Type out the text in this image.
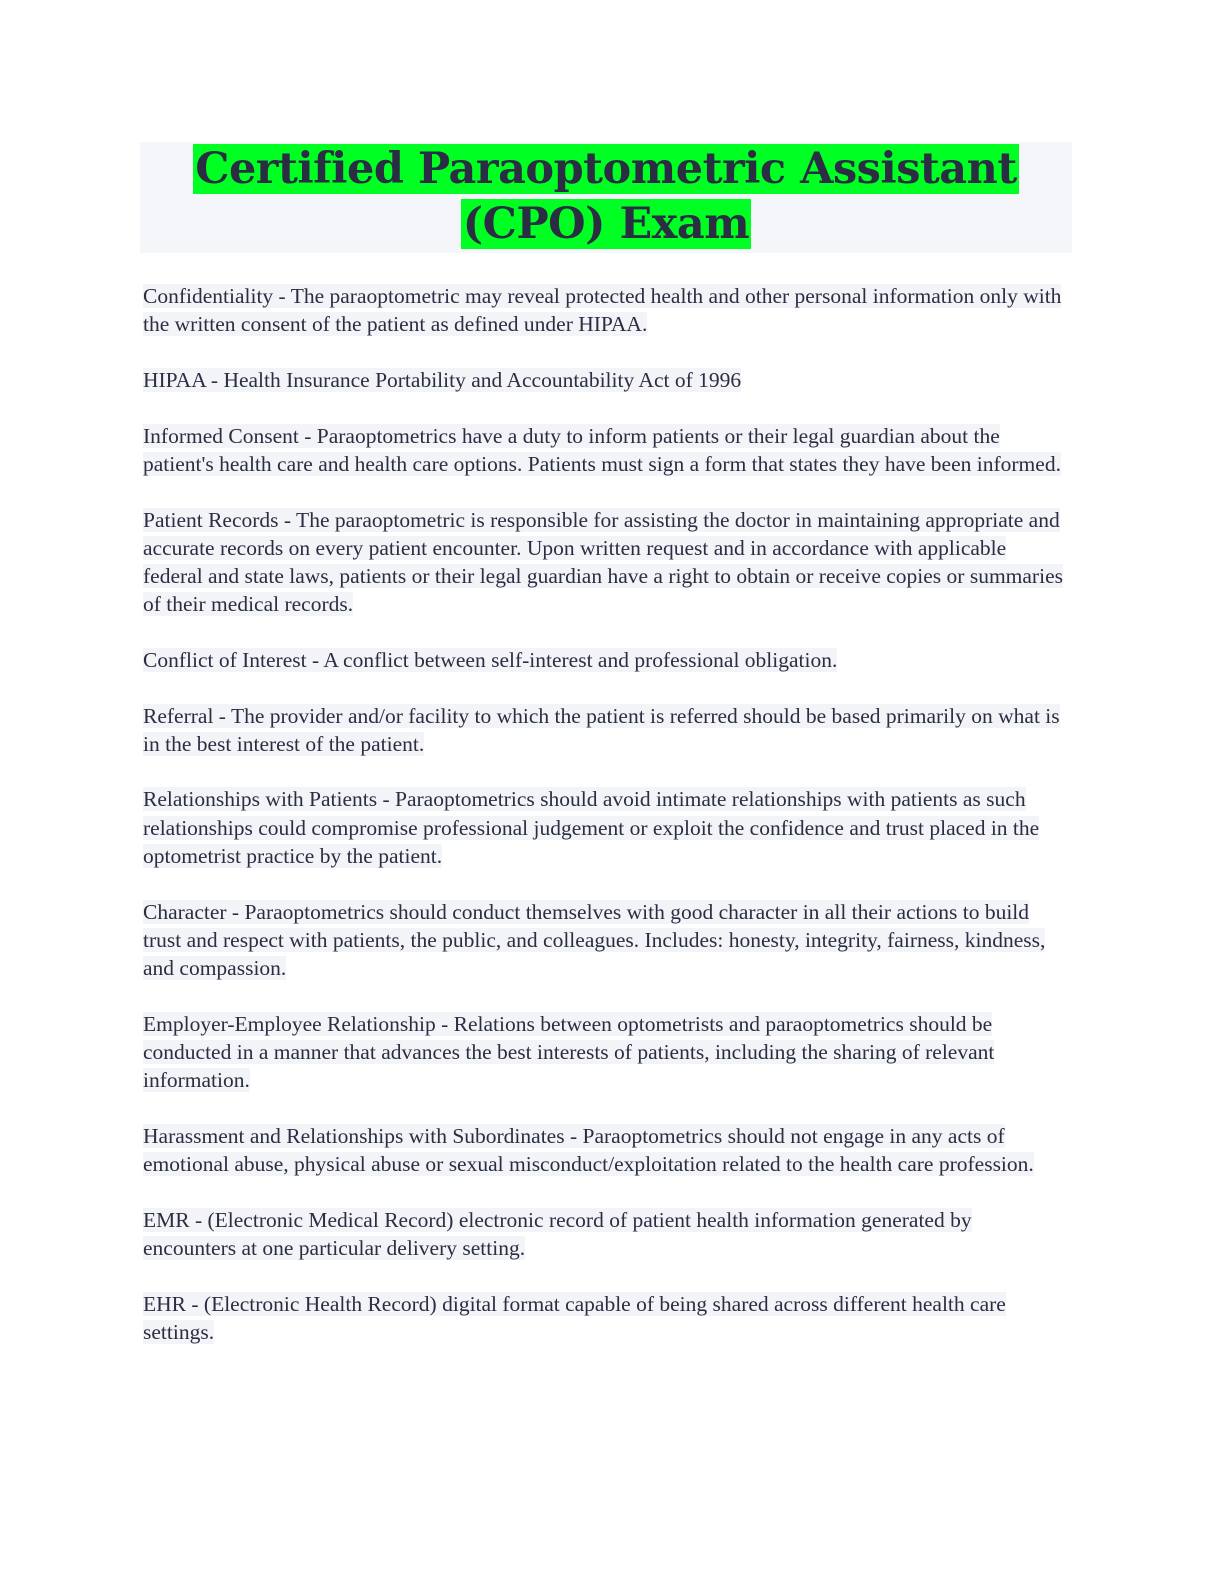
Certified Paraoptometric Assistant (CPO) Exam

Confidentiality - The paraoptometric may reveal protected health and other personal information only with the written consent of the patient as defined under HIPAA.

HIPAA - Health Insurance Portability and Accountability Act of 1996

Informed Consent - Paraoptometrics have a duty to inform patients or their legal guardian about the patient's health care and health care options. Patients must sign a form that states they have been informed.

Patient Records - The paraoptometric is responsible for assisting the doctor in maintaining appropriate and accurate records on every patient encounter. Upon written request and in accordance with applicable federal and state laws, patients or their legal guardian have a right to obtain or receive copies or summaries of their medical records.

Conflict of Interest - A conflict between self-interest and professional obligation.

Referral - The provider and/or facility to which the patient is referred should be based primarily on what is in the best interest of the patient.

Relationships with Patients - Paraoptometrics should avoid intimate relationships with patients as such relationships could compromise professional judgement or exploit the confidence and trust placed in the optometrist practice by the patient.

Character - Paraoptometrics should conduct themselves with good character in all their actions to build trust and respect with patients, the public, and colleagues. Includes: honesty, integrity, fairness, kindness, and compassion.

Employer-Employee Relationship - Relations between optometrists and paraoptometrics should be conducted in a manner that advances the best interests of patients, including the sharing of relevant information.

Harassment and Relationships with Subordinates - Paraoptometrics should not engage in any acts of emotional abuse, physical abuse or sexual misconduct/exploitation related to the health care profession.

EMR - (Electronic Medical Record) electronic record of patient health information generated by encounters at one particular delivery setting.

EHR - (Electronic Health Record) digital format capable of being shared across different health care settings.
